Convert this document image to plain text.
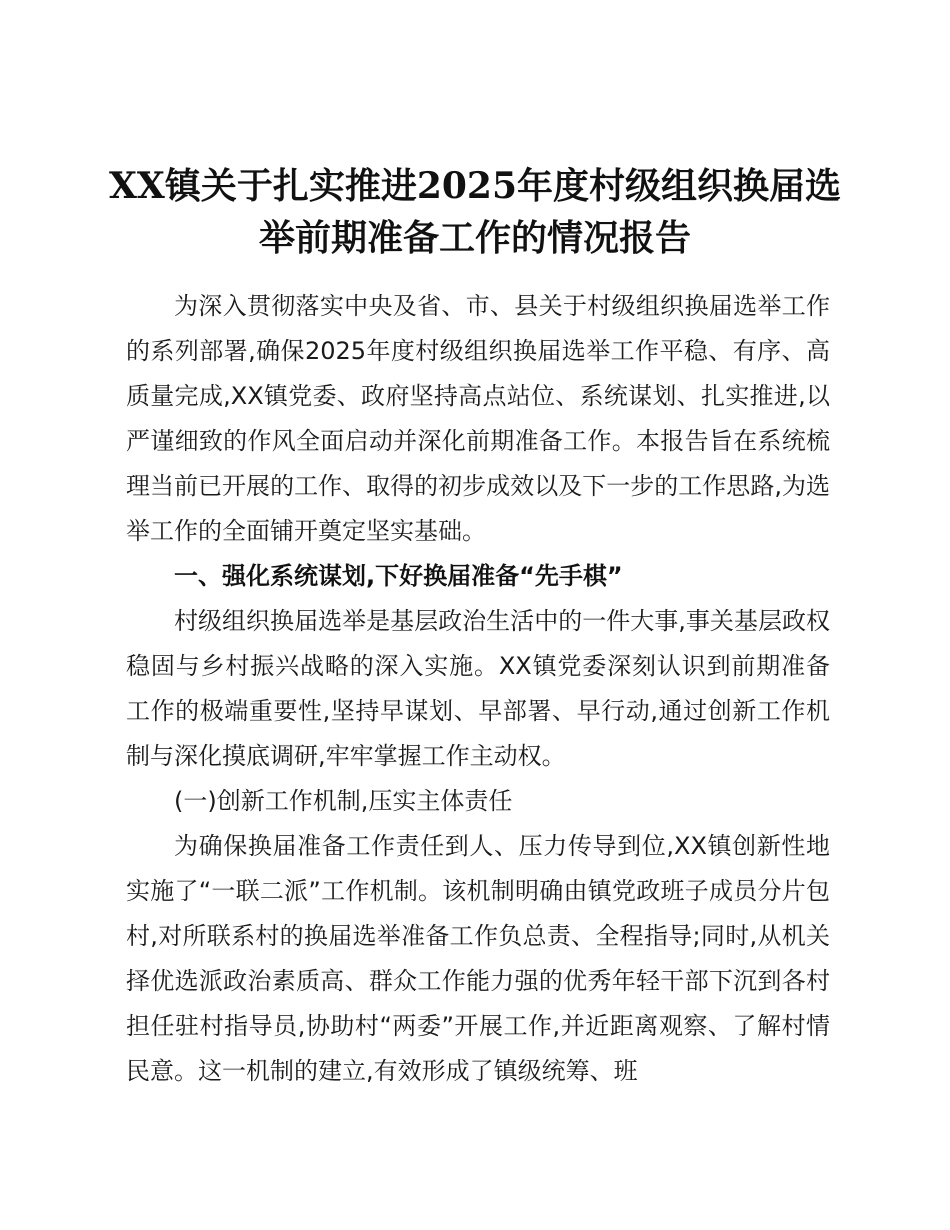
XX镇关于扎实推进2025年度村级组织换届选举前期准备工作的情况报告

为深入贯彻落实中央及省、市、县关于村级组织换届选举工作的系列部署,确保2025年度村级组织换届选举工作平稳、有序、高质量完成,XX镇党委、政府坚持高点站位、系统谋划、扎实推进,以严谨细致的作风全面启动并深化前期准备工作。本报告旨在系统梳理当前已开展的工作、取得的初步成效以及下一步的工作思路,为选举工作的全面铺开奠定坚实基础。

一、强化系统谋划,下好换届准备“先手棋”

村级组织换届选举是基层政治生活中的一件大事,事关基层政权稳固与乡村振兴战略的深入实施。XX镇党委深刻认识到前期准备工作的极端重要性,坚持早谋划、早部署、早行动,通过创新工作机制与深化摸底调研,牢牢掌握工作主动权。

(一)创新工作机制,压实主体责任

为确保换届准备工作责任到人、压力传导到位,XX镇创新性地实施了“一联二派”工作机制。该机制明确由镇党政班子成员分片包村,对所联系村的换届选举准备工作负总责、全程指导;同时,从机关择优选派政治素质高、群众工作能力强的优秀年轻干部下沉到各村担任驻村指导员,协助村“两委”开展工作,并近距离观察、了解村情民意。这一机制的建立,有效形成了镇级统筹、班
